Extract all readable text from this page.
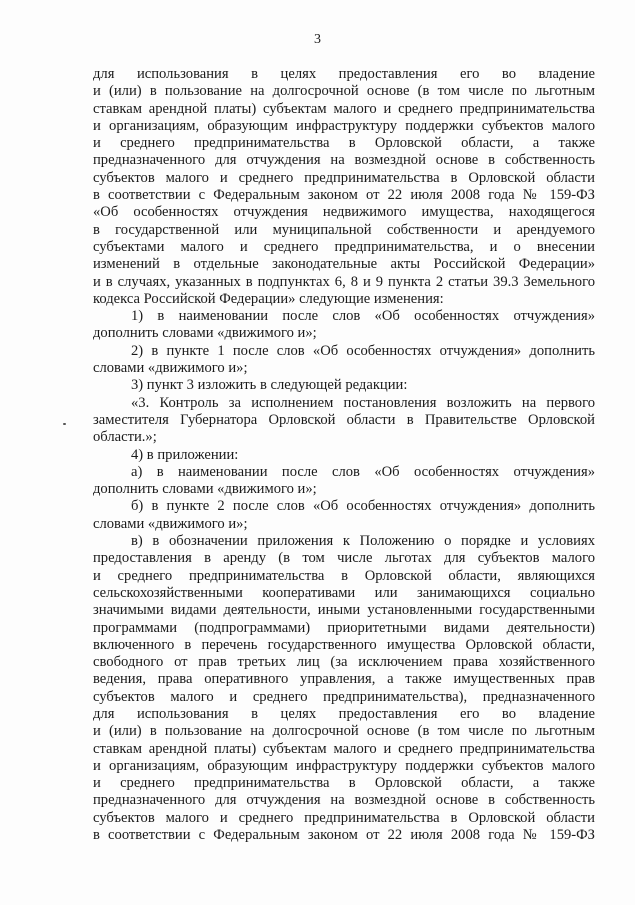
3
для использования в целях предоставления его во владение
и (или) в пользование на долгосрочной основе (в том числе по льготным
ставкам арендной платы) субъектам малого и среднего предпринимательства
и организациям, образующим инфраструктуру поддержки субъектов малого
и среднего предпринимательства в Орловской области, а также
предназначенного для отчуждения на возмездной основе в собственность
субъектов малого и среднего предпринимательства в Орловской области
в соответствии с Федеральным законом от 22 июля 2008 года № 159-ФЗ
«Об особенностях отчуждения недвижимого имущества, находящегося
в государственной или муниципальной собственности и арендуемого
субъектами малого и среднего предпринимательства, и о внесении
изменений в отдельные законодательные акты Российской Федерации»
и в случаях, указанных в подпунктах 6, 8 и 9 пункта 2 статьи 39.3 Земельного
кодекса Российской Федерации» следующие изменения:
1) в наименовании после слов «Об особенностях отчуждения»
дополнить словами «движимого и»;
2) в пункте 1 после слов «Об особенностях отчуждения» дополнить
словами «движимого и»;
3) пункт 3 изложить в следующей редакции:
«3. Контроль за исполнением постановления возложить на первого
заместителя Губернатора Орловской области в Правительстве Орловской
области.»;
4) в приложении:
а) в наименовании после слов «Об особенностях отчуждения»
дополнить словами «движимого и»;
б) в пункте 2 после слов «Об особенностях отчуждения» дополнить
словами «движимого и»;
в) в обозначении приложения к Положению о порядке и условиях
предоставления в аренду (в том числе льготах для субъектов малого
и среднего предпринимательства в Орловской области, являющихся
сельскохозяйственными кооперативами или занимающихся социально
значимыми видами деятельности, иными установленными государственными
программами (подпрограммами) приоритетными видами деятельности)
включенного в перечень государственного имущества Орловской области,
свободного от прав третьих лиц (за исключением права хозяйственного
ведения, права оперативного управления, а также имущественных прав
субъектов малого и среднего предпринимательства), предназначенного
для использования в целях предоставления его во владение
и (или) в пользование на долгосрочной основе (в том числе по льготным
ставкам арендной платы) субъектам малого и среднего предпринимательства
и организациям, образующим инфраструктуру поддержки субъектов малого
и среднего предпринимательства в Орловской области, а также
предназначенного для отчуждения на возмездной основе в собственность
субъектов малого и среднего предпринимательства в Орловской области
в соответствии с Федеральным законом от 22 июля 2008 года № 159-ФЗ
